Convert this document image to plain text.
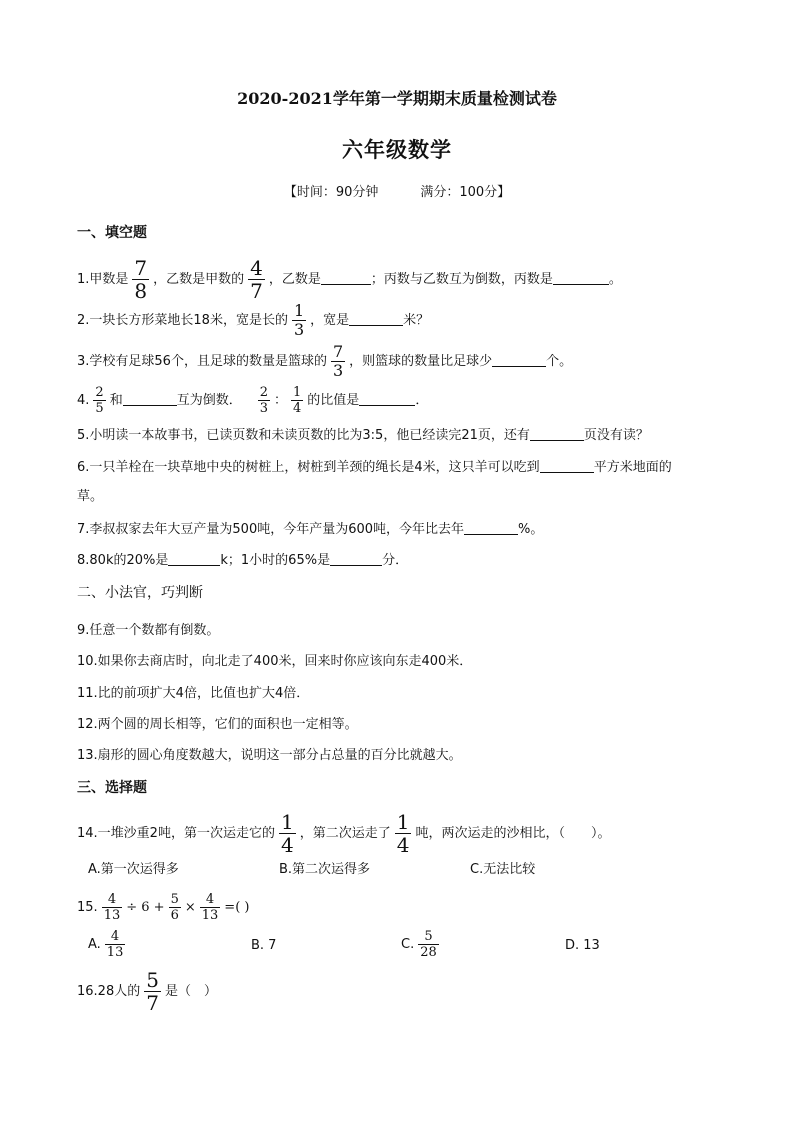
2020-2021学年第一学期期末质量检测试卷
六年级数学
【时间：90分钟	满分：100分】
一、填空题
1.甲数是 $\frac{7}{8}$ ，乙数是甲数的 $\frac{4}{7}$ ，乙数是	；丙数与乙数互为倒数，丙数是	。
2.一块长方形菜地长18米，宽是长的 $\frac{1}{3}$ ，宽是	米？
3.学校有足球56个，且足球的数量是篮球的 $\frac{7}{3}$ ，则篮球的数量比足球少	个。
4. $\frac{2}{5}$ 和	互为倒数． $\frac{2}{3}$ ： $\frac{1}{4}$ 的比值是	．
5.小明读一本故事书，已读页数和未读页数的比为3:5，他已经读完21页，还有	页没有读？
6.一只羊栓在一块草地中央的树桩上，树桩到羊颈的绳长是4米，这只羊可以吃到	平方米地面的
草。
7.李叔叔家去年大豆产量为500吨，今年产量为600吨，今年比去年	%。
8.80k的20%是	k；1小时的65%是	分．
二、小法官，巧判断
9.任意一个数都有倒数。
10.如果你去商店时，向北走了400米，回来时你应该向东走400米．
11.比的前项扩大4倍，比值也扩大4倍．
12.两个圆的周长相等，它们的面积也一定相等。
13.扇形的圆心角度数越大，说明这一部分占总量的百分比就越大。
三、选择题
14.一堆沙重2吨，第一次运走它的 $\frac{1}{4}$ ，第二次运走了 $\frac{1}{4}$ 吨，两次运走的沙相比，（　　）。
A.第一次运得多	B.第二次运得多	C.无法比较
15. $\frac{4}{13} \div 6 + \frac{5}{6} \times \frac{4}{13}$ =( )
A. $\frac{4}{13}$	B. 7	C. $\frac{5}{28}$	D. 13
16.28人的 $\frac{5}{7}$ 是（　）
